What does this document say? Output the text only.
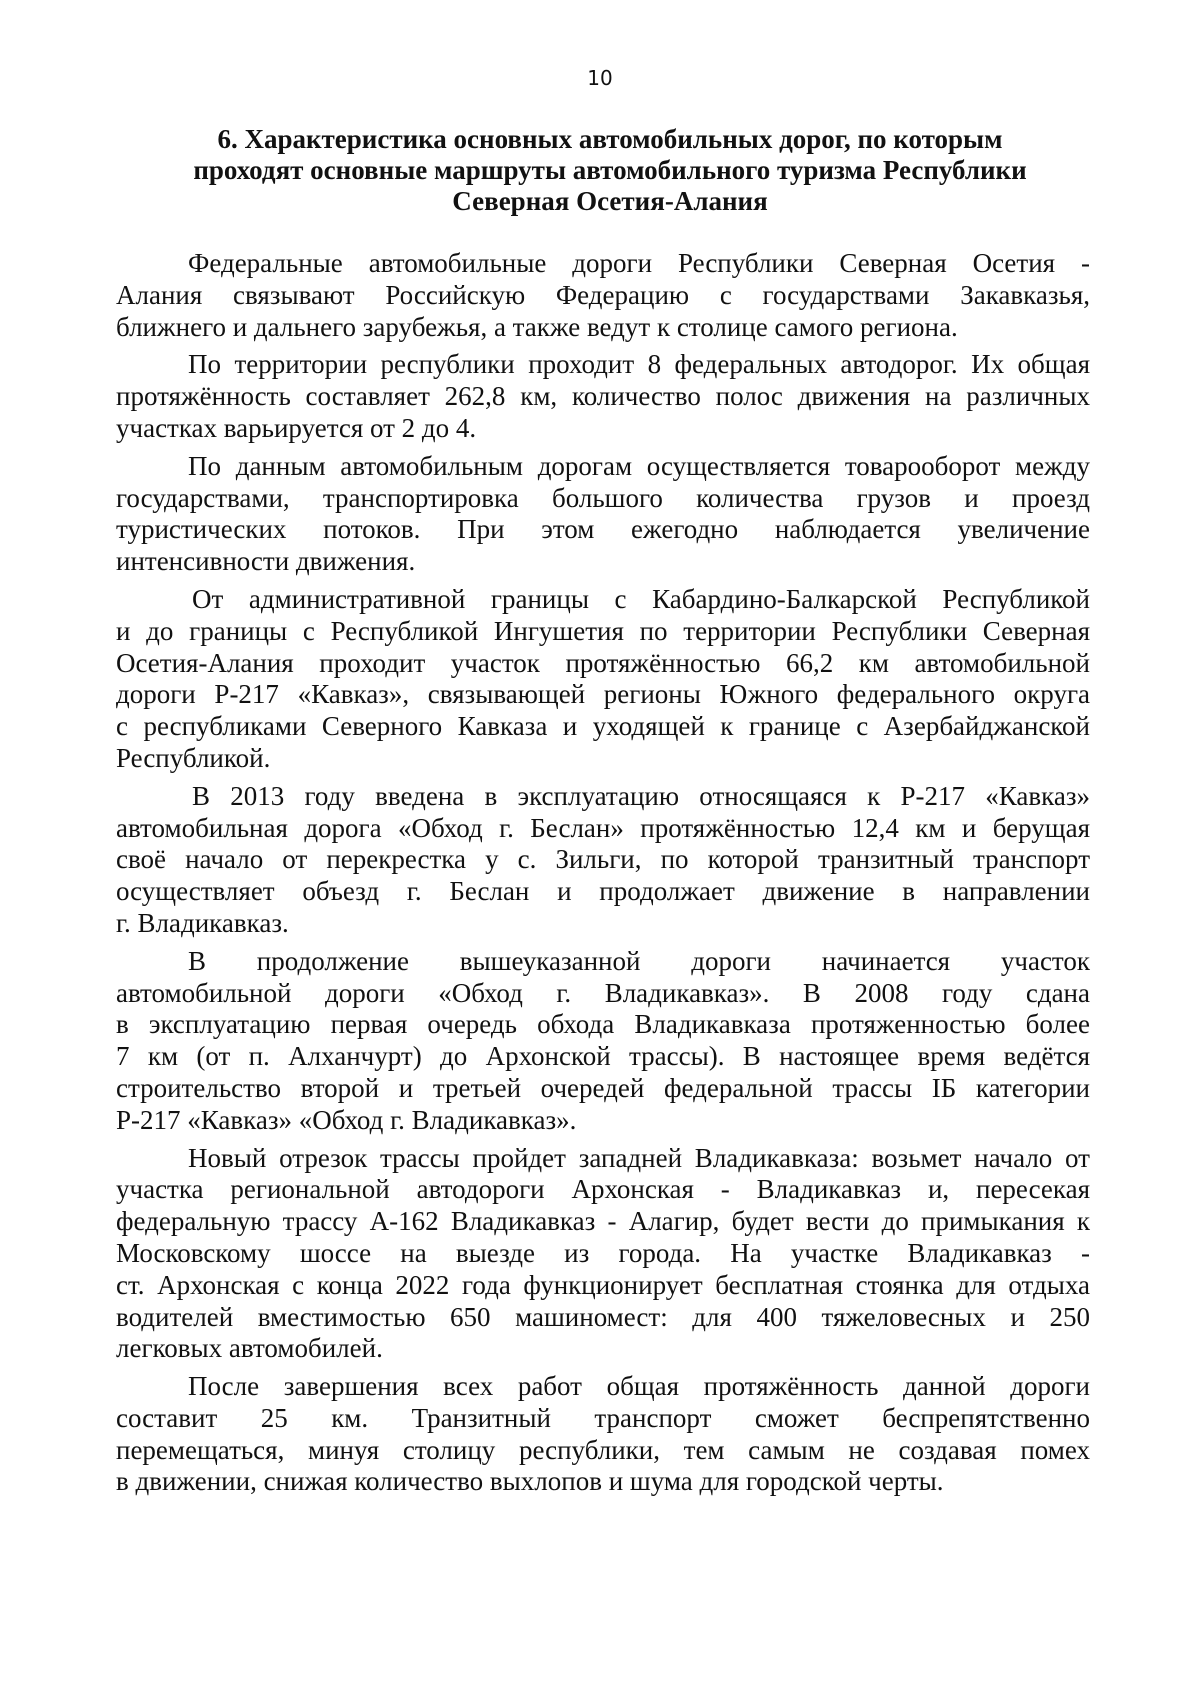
10
6. Характеристика основных автомобильных дорог, по которым
проходят основные маршруты автомобильного туризма Республики
Северная Осетия-Алания

Федеральные автомобильные дороги Республики Северная Осетия -
Алания связывают Российскую Федерацию с государствами Закавказья,
ближнего и дальнего зарубежья, а также ведут к столице самого региона.

По территории республики проходит 8 федеральных автодорог. Их общая
протяжённость составляет 262,8 км, количество полос движения на различных
участках варьируется от 2 до 4.

По данным автомобильным дорогам осуществляется товарооборот между
государствами, транспортировка большого количества грузов и проезд
туристических потоков. При этом ежегодно наблюдается увеличение
интенсивности движения.

От административной границы с Кабардино-Балкарской Республикой
и до границы с Республикой Ингушетия по территории Республики Северная
Осетия-Алания проходит участок протяжённостью 66,2 км автомобильной
дороги Р-217 «Кавказ», связывающей регионы Южного федерального округа
с республиками Северного Кавказа и уходящей к границе с Азербайджанской
Республикой.

В 2013 году введена в эксплуатацию относящаяся к Р-217 «Кавказ»
автомобильная дорога «Обход г. Беслан» протяжённостью 12,4 км и берущая
своё начало от перекрестка у с. Зильги, по которой транзитный транспорт
осуществляет объезд г. Беслан и продолжает движение в направлении
г. Владикавказ.

В продолжение вышеуказанной дороги начинается участок
автомобильной дороги «Обход г. Владикавказ». В 2008 году сдана
в эксплуатацию первая очередь обхода Владикавказа протяженностью более
7 км (от п. Алханчурт) до Архонской трассы). В настоящее время ведётся
строительство второй и третьей очередей федеральной трассы IБ категории
Р-217 «Кавказ» «Обход г. Владикавказ».

Новый отрезок трассы пройдет западней Владикавказа: возьмет начало от
участка региональной автодороги Архонская - Владикавказ и, пересекая
федеральную трассу А-162 Владикавказ - Алагир, будет вести до примыкания к
Московскому шоссе на выезде из города. На участке Владикавказ -
ст. Архонская с конца 2022 года функционирует бесплатная стоянка для отдыха
водителей вместимостью 650 машиномест: для 400 тяжеловесных и 250
легковых автомобилей.

После завершения всех работ общая протяжённость данной дороги
составит 25 км. Транзитный транспорт сможет беспрепятственно
перемещаться, минуя столицу республики, тем самым не создавая помех
в движении, снижая количество выхлопов и шума для городской черты.
